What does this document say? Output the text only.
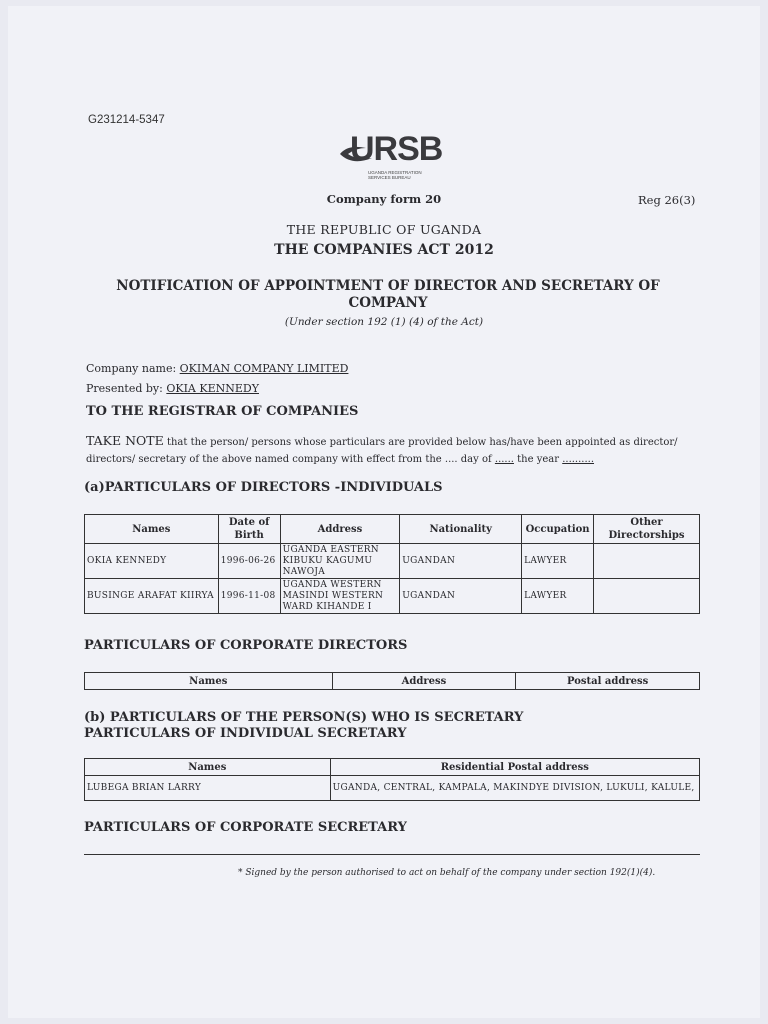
G231214-5347
URSB
UGANDA REGISTRATION SERVICES BUREAU
Company form 20	Reg 26(3)
THE REPUBLIC OF UGANDA
THE COMPANIES ACT 2012
NOTIFICATION OF APPOINTMENT OF DIRECTOR AND SECRETARY OF COMPANY
(Under section 192 (1) (4) of the Act)
Company name: OKIMAN COMPANY LIMITED
Presented by: OKIA KENNEDY
TO THE REGISTRAR OF COMPANIES
TAKE NOTE that the person/ persons whose particulars are provided below has/have been appointed as director/ directors/ secretary of the above named company with effect from the .... day of ...... the year ..........
(a)PARTICULARS OF DIRECTORS -INDIVIDUALS
Names	Date of Birth	Address	Nationality	Occupation	Other Directorships
OKIA KENNEDY	1996-06-26	UGANDA EASTERN KIBUKU KAGUMU NAWOJA	UGANDAN	LAWYER	
BUSINGE ARAFAT KIIRYA	1996-11-08	UGANDA WESTERN MASINDI WESTERN WARD KIHANDE I	UGANDAN	LAWYER	
PARTICULARS OF CORPORATE DIRECTORS
Names	Address	Postal address
(b) PARTICULARS OF THE PERSON(S) WHO IS SECRETARY
PARTICULARS OF INDIVIDUAL SECRETARY
Names	Residential Postal address
LUBEGA BRIAN LARRY	UGANDA, CENTRAL, KAMPALA, MAKINDYE DIVISION, LUKULI, KALULE,
PARTICULARS OF CORPORATE SECRETARY
* Signed by the person authorised to act on behalf of the company under section 192(1)(4).
